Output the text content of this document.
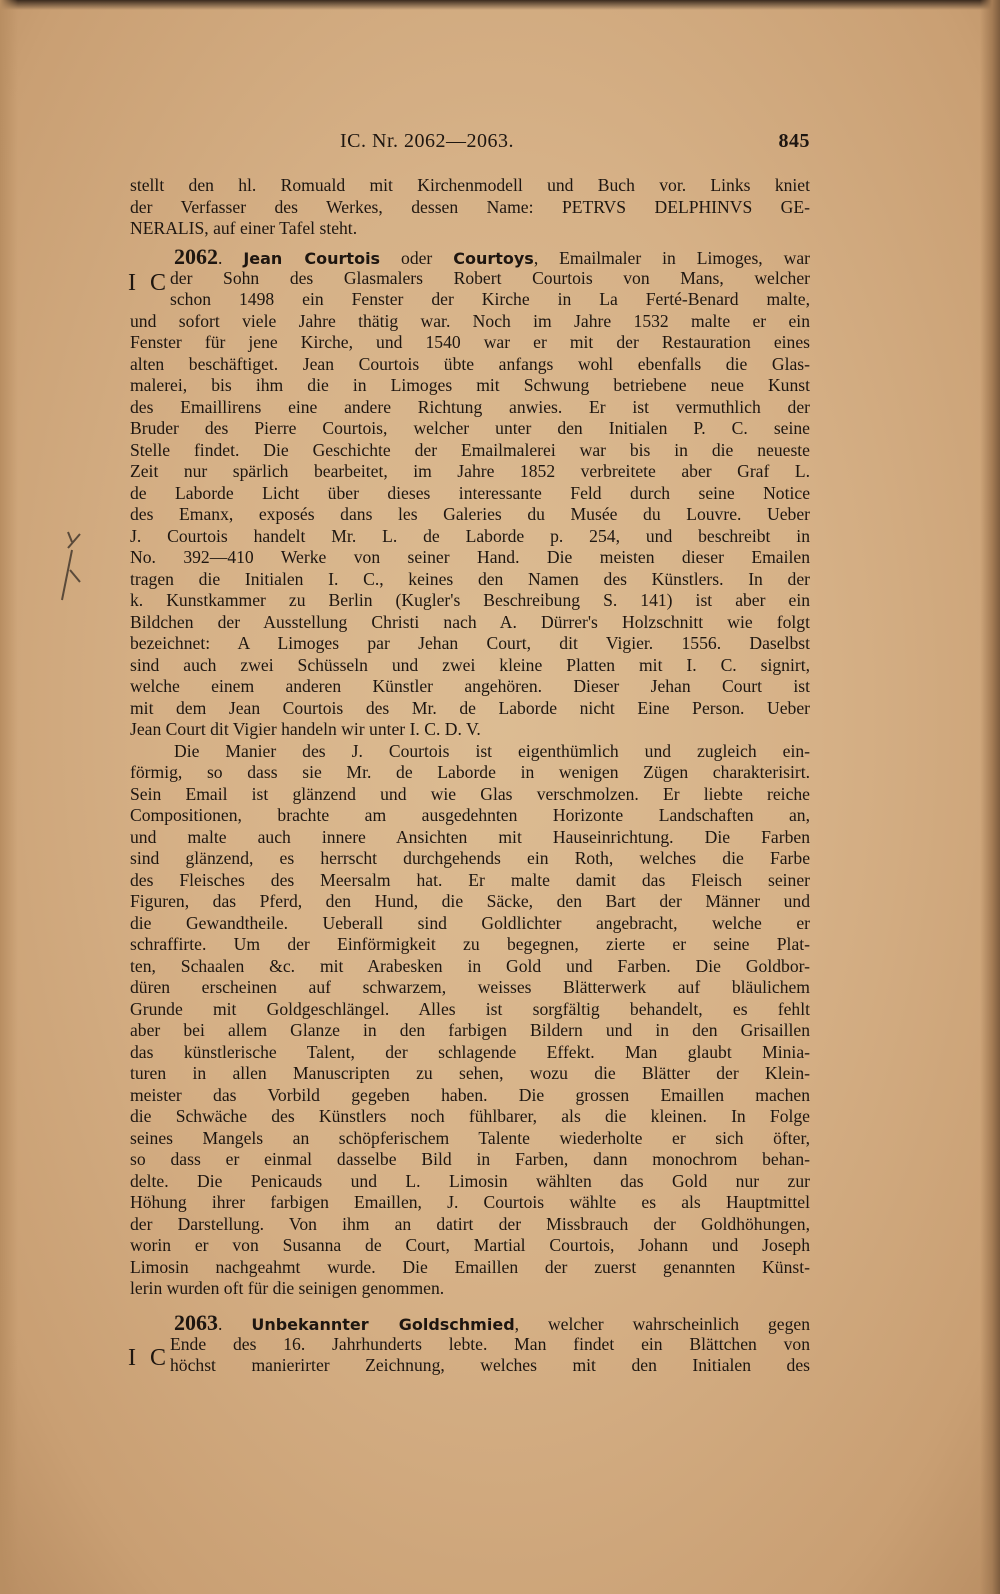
IC. Nr. 2062—2063.	845
stellt den hl. Romuald mit Kirchenmodell und Buch vor. Links kniet
der Verfasser des Werkes, dessen Name: PETRVS DELPHINVS GE-
NERALIS, auf einer Tafel steht.
2062. Jean Courtois oder Courtoys, Emailmaler in Limoges, war
der Sohn des Glasmalers Robert Courtois von Mans, welcher
schon 1498 ein Fenster der Kirche in La Ferté-Benard malte,
und sofort viele Jahre thätig war. Noch im Jahre 1532 malte er ein
Fenster für jene Kirche, und 1540 war er mit der Restauration eines
alten beschäftiget. Jean Courtois übte anfangs wohl ebenfalls die Glas-
malerei, bis ihm die in Limoges mit Schwung betriebene neue Kunst
des Emaillirens eine andere Richtung anwies. Er ist vermuthlich der
Bruder des Pierre Courtois, welcher unter den Initialen P. C. seine
Stelle findet. Die Geschichte der Emailmalerei war bis in die neueste
Zeit nur spärlich bearbeitet, im Jahre 1852 verbreitete aber Graf L.
de Laborde Licht über dieses interessante Feld durch seine Notice
des Emanx, exposés dans les Galeries du Musée du Louvre. Ueber
J. Courtois handelt Mr. L. de Laborde p. 254, und beschreibt in
No. 392—410 Werke von seiner Hand. Die meisten dieser Emailen
tragen die Initialen I. C., keines den Namen des Künstlers. In der
k. Kunstkammer zu Berlin (Kugler's Beschreibung S. 141) ist aber ein
Bildchen der Ausstellung Christi nach A. Dürrer's Holzschnitt wie folgt
bezeichnet: A Limoges par Jehan Court, dit Vigier. 1556. Daselbst
sind auch zwei Schüsseln und zwei kleine Platten mit I. C. signirt,
welche einem anderen Künstler angehören. Dieser Jehan Court ist
mit dem Jean Courtois des Mr. de Laborde nicht Eine Person. Ueber
Jean Court dit Vigier handeln wir unter I. C. D. V.
Die Manier des J. Courtois ist eigenthümlich und zugleich ein-
förmig, so dass sie Mr. de Laborde in wenigen Zügen charakterisirt.
Sein Email ist glänzend und wie Glas verschmolzen. Er liebte reiche
Compositionen, brachte am ausgedehnten Horizonte Landschaften an,
und malte auch innere Ansichten mit Hauseinrichtung. Die Farben
sind glänzend, es herrscht durchgehends ein Roth, welches die Farbe
des Fleisches des Meersalm hat. Er malte damit das Fleisch seiner
Figuren, das Pferd, den Hund, die Säcke, den Bart der Männer und
die Gewandtheile. Ueberall sind Goldlichter angebracht, welche er
schraffirte. Um der Einförmigkeit zu begegnen, zierte er seine Plat-
ten, Schaalen &c. mit Arabesken in Gold und Farben. Die Goldbor-
düren erscheinen auf schwarzem, weisses Blätterwerk auf bläulichem
Grunde mit Goldgeschlängel. Alles ist sorgfältig behandelt, es fehlt
aber bei allem Glanze in den farbigen Bildern und in den Grisaillen
das künstlerische Talent, der schlagende Effekt. Man glaubt Minia-
turen in allen Manuscripten zu sehen, wozu die Blätter der Klein-
meister das Vorbild gegeben haben. Die grossen Emaillen machen
die Schwäche des Künstlers noch fühlbarer, als die kleinen. In Folge
seines Mangels an schöpferischem Talente wiederholte er sich öfter,
so dass er einmal dasselbe Bild in Farben, dann monochrom behan-
delte. Die Penicauds und L. Limosin wählten das Gold nur zur
Höhung ihrer farbigen Emaillen, J. Courtois wählte es als Hauptmittel
der Darstellung. Von ihm an datirt der Missbrauch der Goldhöhungen,
worin er von Susanna de Court, Martial Courtois, Johann und Joseph
Limosin nachgeahmt wurde. Die Emaillen der zuerst genannten Künst-
lerin wurden oft für die seinigen genommen.
I C
2063. Unbekannter Goldschmied, welcher wahrscheinlich gegen
Ende des 16. Jahrhunderts lebte. Man findet ein Blättchen von
höchst manierirter Zeichnung, welches mit den Initialen des
I C
